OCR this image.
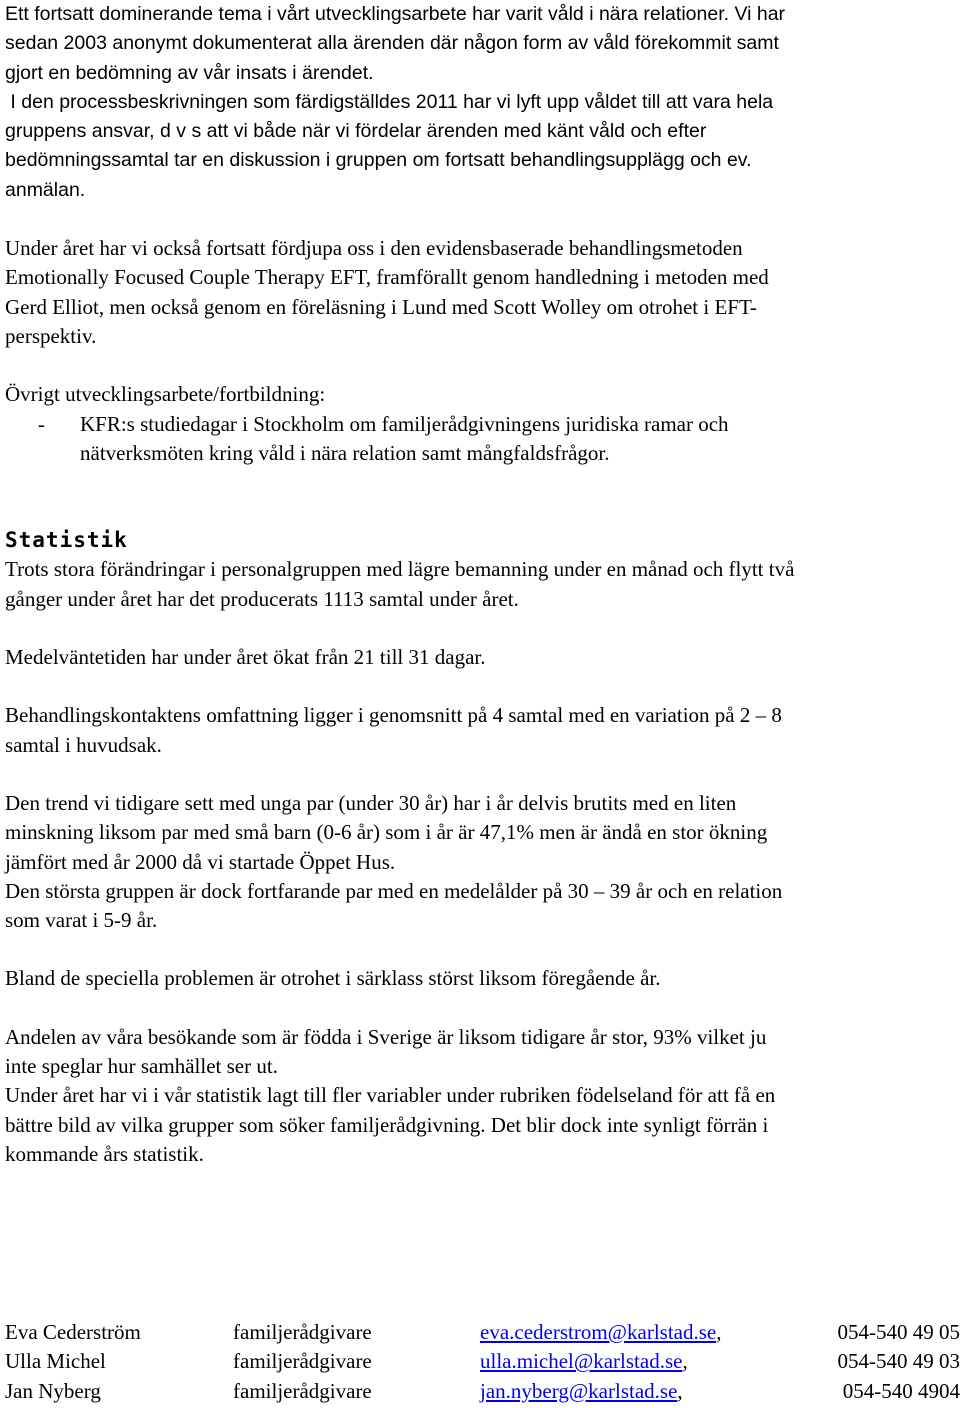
Ett fortsatt dominerande tema i vårt utvecklingsarbete har varit våld i nära relationer. Vi har

sedan 2003 anonymt dokumenterat alla ärenden där någon form av våld förekommit samt

gjort en bedömning av vår insats i ärendet.

I den processbeskrivningen som färdigställdes 2011 har vi lyft upp våldet till att vara hela

gruppens ansvar, d v s att vi både när vi fördelar ärenden med känt våld och efter

bedömningssamtal tar en diskussion i gruppen om fortsatt behandlingsupplägg och ev.

anmälan.

Under året har vi också fortsatt fördjupa oss i den evidensbaserade behandlingsmetoden

Emotionally Focused Couple Therapy EFT, framförallt genom handledning i metoden med

Gerd Elliot, men också genom en föreläsning i Lund med Scott Wolley om otrohet i EFT-

perspektiv.

Övrigt utvecklingsarbete/fortbildning:

- KFR:s studiedagar i Stockholm om familjerådgivningens juridiska ramar och

nätverksmöten kring våld i nära relation samt mångfaldsfrågor.

Statistik

Trots stora förändringar i personalgruppen med lägre bemanning under en månad och flytt två

gånger under året har det producerats 1113 samtal under året.

Medelväntetiden har under året ökat från 21 till 31 dagar.

Behandlingskontaktens omfattning ligger i genomsnitt på 4 samtal med en variation på 2 – 8

samtal i huvudsak.

Den trend vi tidigare sett med unga par (under 30 år) har i år delvis brutits med en liten

minskning liksom par med små barn (0-6 år) som i år är 47,1% men är ändå en stor ökning

jämfört med år 2000 då vi startade Öppet Hus.

Den största gruppen är dock fortfarande par med en medelålder på 30 – 39 år och en relation

som varat i 5-9 år.

Bland de speciella problemen är otrohet i särklass störst liksom föregående år.

Andelen av våra besökande som är födda i Sverige är liksom tidigare år stor, 93% vilket ju

inte speglar hur samhället ser ut.

Under året har vi i vår statistik lagt till fler variabler under rubriken födelseland för att få en

bättre bild av vilka grupper som söker familjerådgivning. Det blir dock inte synligt förrän i

kommande års statistik.

Eva Cederström	familjerådgivare	eva.cederstrom@karlstad.se,	054-540 49 05
Ulla Michel	familjerådgivare	ulla.michel@karlstad.se,	054-540 49 03
Jan Nyberg	familjerådgivare	jan.nyberg@karlstad.se,	054-540 4904
